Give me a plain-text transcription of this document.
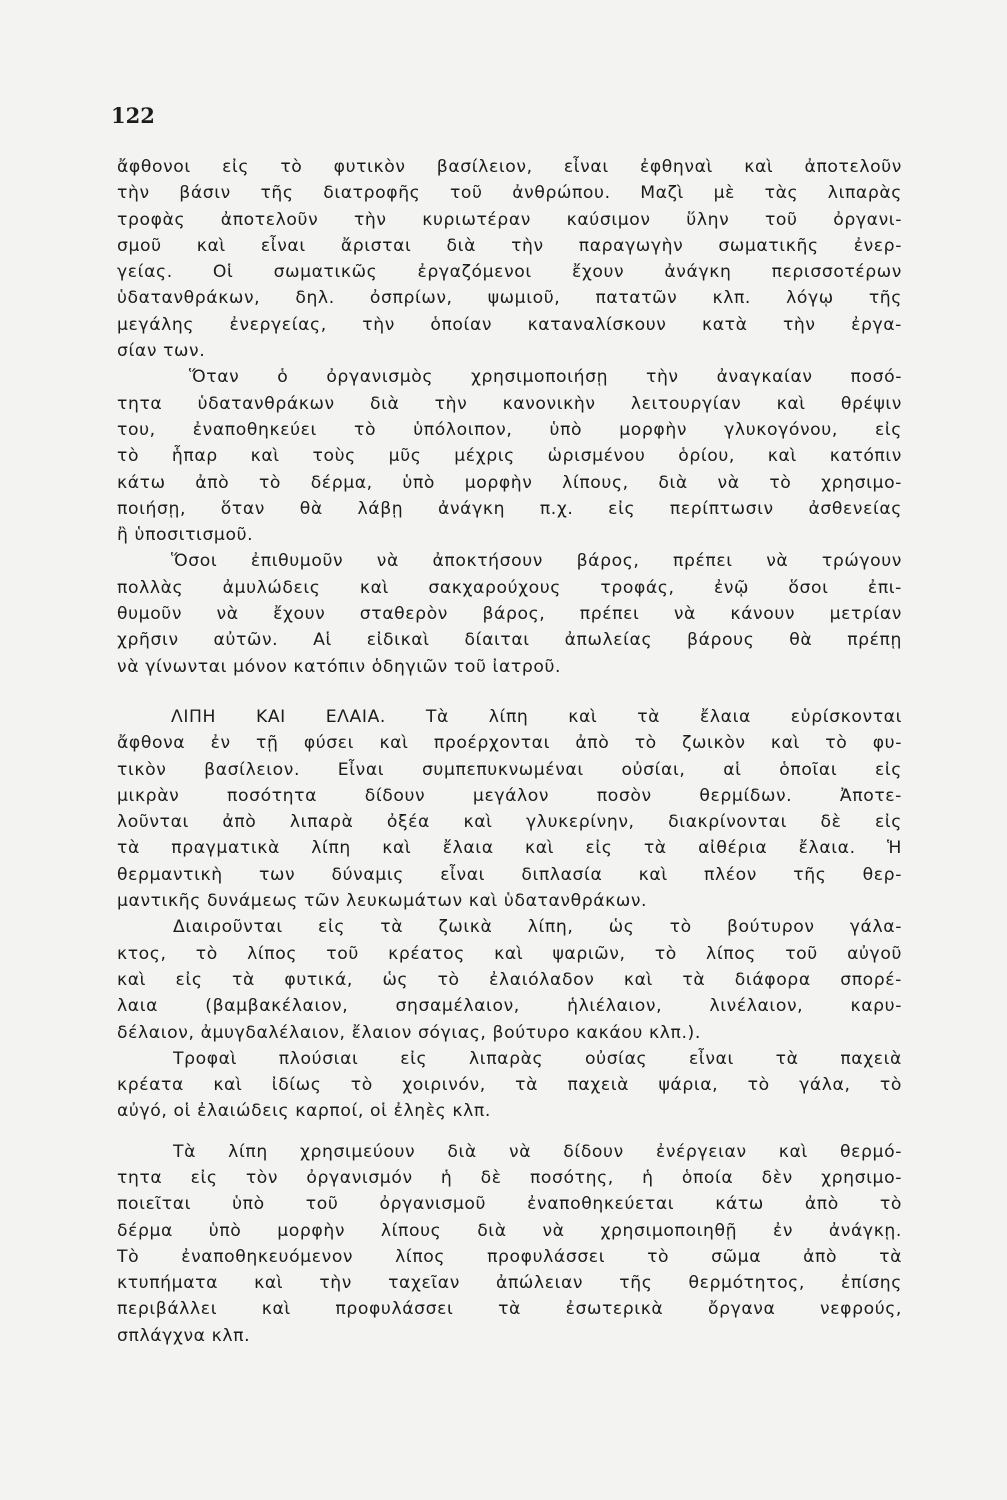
122
ἄφθονοι εἰς τὸ φυτικὸν βασίλειον, εἶναι ἐφθηναὶ καὶ ἀποτελοῦν
τὴν βάσιν τῆς διατροφῆς τοῦ ἀνθρώπου. Μαζὶ μὲ τὰς λιπαρὰς
τροφὰς ἀποτελοῦν τὴν κυριωτέραν καύσιμον ὕλην τοῦ ὀργανι-
σμοῦ καὶ εἶναι ἄρισται διὰ τὴν παραγωγὴν σωματικῆς ἐνερ-
γείας. Οἱ σωματικῶς ἐργαζόμενοι ἔχουν ἀνάγκη περισσοτέρων
ὑδατανθράκων, δηλ. ὀσπρίων, ψωμιοῦ, πατατῶν κλπ. λόγῳ τῆς
μεγάλης ἐνεργείας, τὴν ὁποίαν καταναλίσκουν κατὰ τὴν ἐργα-
σίαν των.
Ὅταν ὁ ὀργανισμὸς χρησιμοποιήσῃ τὴν ἀναγκαίαν ποσό-
τητα ὑδατανθράκων διὰ τὴν κανονικὴν λειτουργίαν καὶ θρέψιν
του, ἐναποθηκεύει τὸ ὑπόλοιπον, ὑπὸ μορφὴν γλυκογόνου, εἰς
τὸ ἧπαρ καὶ τοὺς μῦς μέχρις ὡρισμένου ὁρίου, καὶ κατόπιν
κάτω ἀπὸ τὸ δέρμα, ὑπὸ μορφὴν λίπους, διὰ νὰ τὸ χρησιμο-
ποιήσῃ, ὅταν θὰ λάβῃ ἀνάγκη π.χ. εἰς περίπτωσιν ἀσθενείας
ἢ ὑποσιτισμοῦ.
Ὅσοι ἐπιθυμοῦν νὰ ἀποκτήσουν βάρος, πρέπει νὰ τρώγουν
πολλὰς ἀμυλώδεις καὶ σακχαρούχους τροφάς, ἐνῷ ὅσοι ἐπι-
θυμοῦν νὰ ἔχουν σταθερὸν βάρος, πρέπει νὰ κάνουν μετρίαν
χρῆσιν αὐτῶν. Αἱ εἰδικαὶ δίαιται ἀπωλείας βάρους θὰ πρέπῃ
νὰ γίνωνται μόνον κατόπιν ὁδηγιῶν τοῦ ἰατροῦ.
ΛΙΠΗ ΚΑΙ ΕΛΑΙΑ. Τὰ λίπη καὶ τὰ ἔλαια εὑρίσκονται
ἄφθονα ἐν τῇ φύσει καὶ προέρχονται ἀπὸ τὸ ζωικὸν καὶ τὸ φυ-
τικὸν βασίλειον. Εἶναι συμπεπυκνωμέναι οὐσίαι, αἱ ὁποῖαι εἰς
μικρὰν ποσότητα δίδουν μεγάλον ποσὸν θερμίδων. Ἀποτε-
λοῦνται ἀπὸ λιπαρὰ ὀξέα καὶ γλυκερίνην, διακρίνονται δὲ εἰς
τὰ πραγματικὰ λίπη καὶ ἔλαια καὶ εἰς τὰ αἰθέρια ἔλαια. Ἡ
θερμαντικὴ των δύναμις εἶναι διπλασία καὶ πλέον τῆς θερ-
μαντικῆς δυνάμεως τῶν λευκωμάτων καὶ ὑδατανθράκων.
Διαιροῦνται εἰς τὰ ζωικὰ λίπη, ὡς τὸ βούτυρον γάλα-
κτος, τὸ λίπος τοῦ κρέατος καὶ ψαριῶν, τὸ λίπος τοῦ αὐγοῦ
καὶ εἰς τὰ φυτικά, ὡς τὸ ἐλαιόλαδον καὶ τὰ διάφορα σπορέ-
λαια (βαμβακέλαιον, σησαμέλαιον, ἡλιέλαιον, λινέλαιον, καρυ-
δέλαιον, ἀμυγδαλέλαιον, ἔλαιον σόγιας, βούτυρο κακάου κλπ.).
Τροφαὶ πλούσιαι εἰς λιπαρὰς οὐσίας εἶναι τὰ παχειὰ
κρέατα καὶ ἰδίως τὸ χοιρινόν, τὰ παχειὰ ψάρια, τὸ γάλα, τὸ
αὐγό, οἱ ἐλαιώδεις καρποί, οἱ ἐληὲς κλπ.
Τὰ λίπη χρησιμεύουν διὰ νὰ δίδουν ἐνέργειαν καὶ θερμό-
τητα εἰς τὸν ὀργανισμόν ἡ δὲ ποσότης, ἡ ὁποία δὲν χρησιμο-
ποιεῖται ὑπὸ τοῦ ὀργανισμοῦ ἐναποθηκεύεται κάτω ἀπὸ τὸ
δέρμα ὑπὸ μορφὴν λίπους διὰ νὰ χρησιμοποιηθῇ ἐν ἀνάγκῃ.
Τὸ ἐναποθηκευόμενον λίπος προφυλάσσει τὸ σῶμα ἀπὸ τὰ
κτυπήματα καὶ τὴν ταχεῖαν ἀπώλειαν τῆς θερμότητος, ἐπίσης
περιβάλλει καὶ προφυλάσσει τὰ ἐσωτερικὰ ὄργανα νεφρούς,
σπλάγχνα κλπ.
